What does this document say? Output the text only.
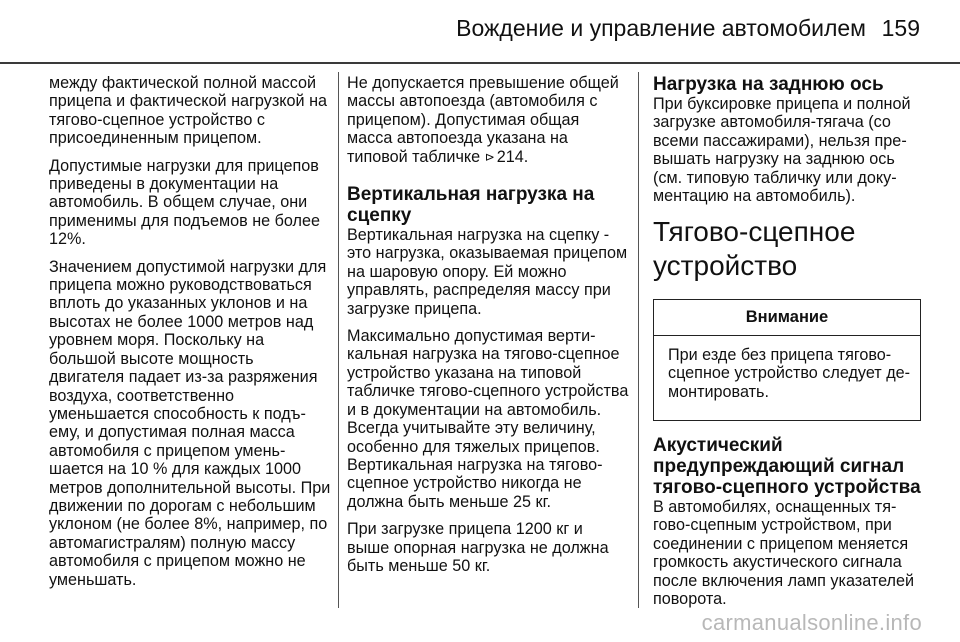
Вождение и управление автомобилем 159

между фактической полной массой прицепа и фактической нагрузкой на тягово-сцепное устройство с присоединенным прицепом.

Допустимые нагрузки для прицепов приведены в документации на автомобиль. В общем случае, они применимы для подъемов не более 12%.

Значением допустимой нагрузки для прицепа можно руководствоваться вплоть до указанных уклонов и на высотах не более 1000 метров над уровнем моря. Поскольку на большой высоте мощность двигателя падает из-за разряжения воздуха, соответственно уменьшается способность к подъему, и допустимая полная масса автомобиля с прицепом уменьшается на 10 % для каждых 1000 метров дополнительной высоты. При движении по дорогам с небольшим уклоном (не более 8%, например, по автомагистралям) полную массу автомобиля с прицепом можно не уменьшать.

Не допускается превышение общей массы автопоезда (автомобиля с прицепом). Допустимая общая масса автопоезда указана на типовой табличке ⊳ 214.

Вертикальная нагрузка на сцепку

Вертикальная нагрузка на сцепку - это нагрузка, оказываемая прицепом на шаровую опору. Ей можно управлять, распределяя массу при загрузке прицепа.

Максимально допустимая вертикальная нагрузка на тягово-сцепное устройство указана на типовой табличке тягово-сцепного устройства и в документации на автомобиль. Всегда учитывайте эту величину, особенно для тяжелых прицепов. Вертикальная нагрузка на тягово-сцепное устройство никогда не должна быть меньше 25 кг.

При загрузке прицепа 1200 кг и выше опорная нагрузка не должна быть меньше 50 кг.

Нагрузка на заднюю ось

При буксировке прицепа и полной загрузке автомобиля-тягача (со всеми пассажирами), нельзя превышать нагрузку на заднюю ось (см. типовую табличку или документацию на автомобиль).

Тягово-сцепное устройство
Внимание

При езде без прицепа тягово-сцепное устройство следует демонтировать.

Акустический предупреждающий сигнал тягово-сцепного устройства

В автомобилях, оснащенных тягово-сцепным устройством, при соединении с прицепом меняется громкость акустического сигнала после включения ламп указателей поворота.

carmanualsonline.info
